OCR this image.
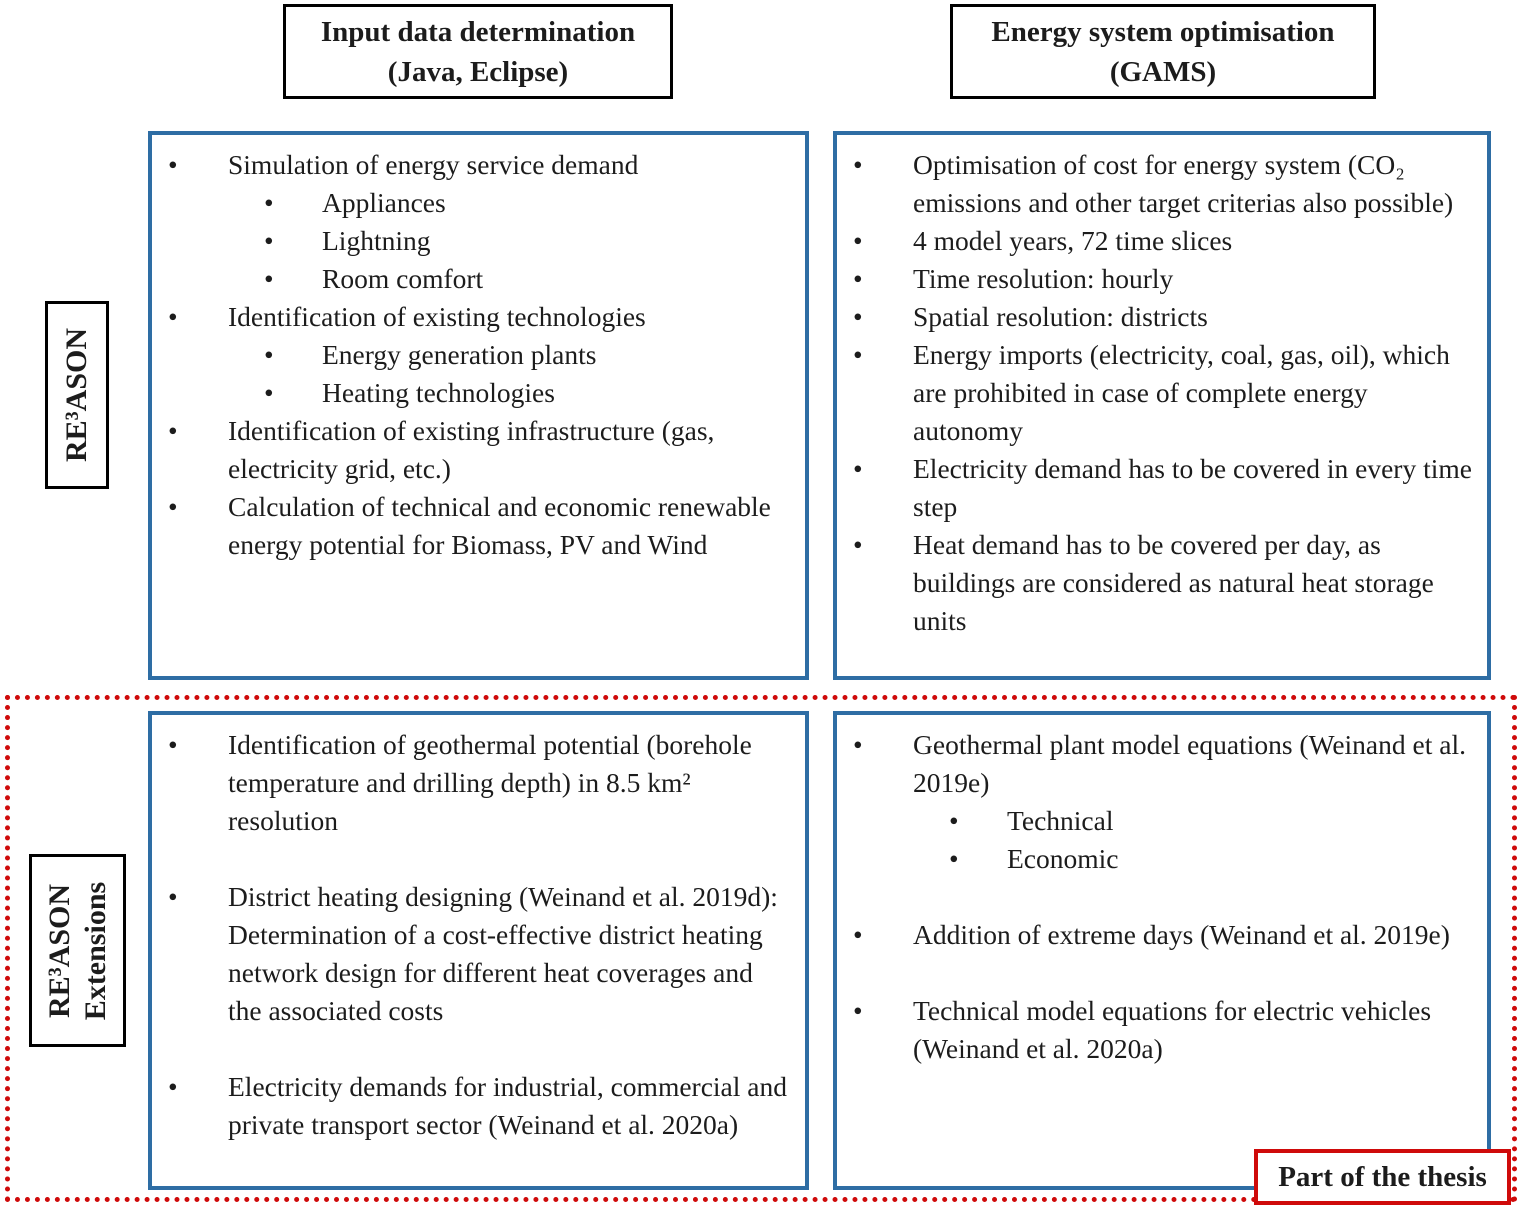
Input data determination
(Java, Eclipse)
Energy system optimisation
(GAMS)
RE³ASON
RE³ASON Extensions
•	Simulation of energy service demand
•	Appliances
•	Lightning
•	Room comfort
•	Identification of existing technologies
•	Energy generation plants
•	Heating technologies
•	Identification of existing infrastructure (gas, electricity grid, etc.)
•	Calculation of technical and economic renewable energy potential for Biomass, PV and Wind
•	Optimisation of cost for energy system (CO₂ emissions and other target criterias also possible)
•	4 model years, 72 time slices
•	Time resolution: hourly
•	Spatial resolution: districts
•	Energy imports (electricity, coal, gas, oil), which are prohibited in case of complete energy autonomy
•	Electricity demand has to be covered in every time step
•	Heat demand has to be covered per day, as buildings are considered as natural heat storage units
•	Identification of geothermal potential (borehole temperature and drilling depth) in 8.5 km² resolution
•	District heating designing (Weinand et al. 2019d): Determination of a cost-effective district heating network design for different heat coverages and the associated costs
•	Electricity demands for industrial, commercial and private transport sector (Weinand et al. 2020a)
•	Geothermal plant model equations (Weinand et al. 2019e)
•	Technical
•	Economic
•	Addition of extreme days (Weinand et al. 2019e)
•	Technical model equations for electric vehicles (Weinand et al. 2020a)
Part of the thesis
